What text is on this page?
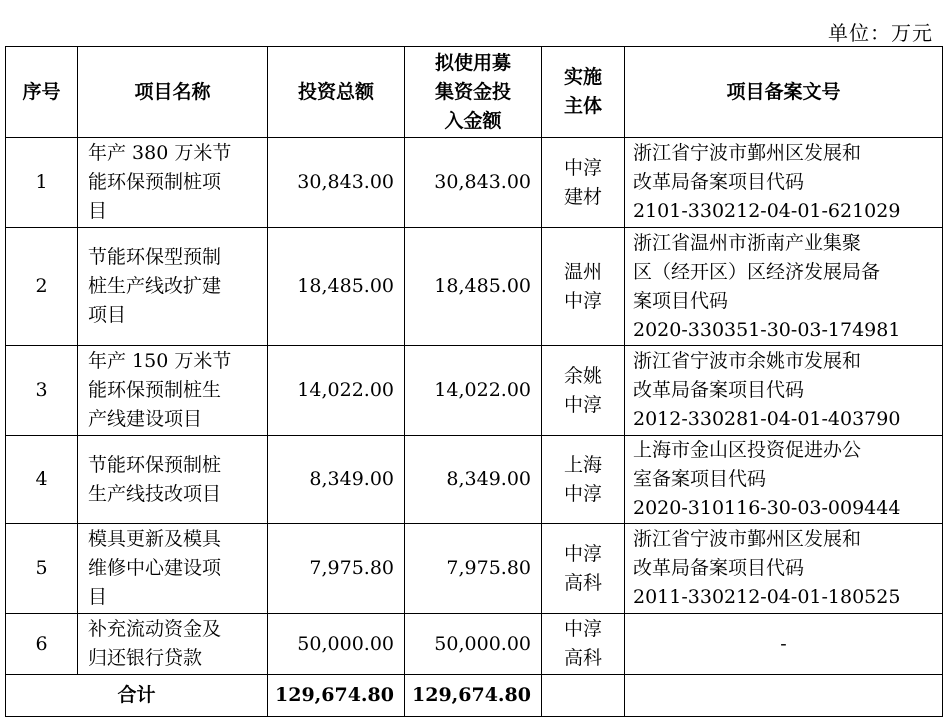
单位：万元
序号	项目名称	投资总额	拟使用募
集资金投
入金额	实施
主体	项目备案文号
1	年产 380 万米节
能环保预制桩项
目	30,843.00	30,843.00	中淳
建材	浙江省宁波市鄞州区发展和
改革局备案项目代码
2101-330212-04-01-621029

2	节能环保型预制
桩生产线改扩建
项目	18,485.00	18,485.00	温州
中淳	浙江省温州市浙南产业集聚
区（经开区）区经济发展局备
案项目代码
2020-330351-30-03-174981

3	年产 150 万米节
能环保预制桩生
产线建设项目	14,022.00	14,022.00	余姚
中淳	浙江省宁波市余姚市发展和
改革局备案项目代码
2012-330281-04-01-403790

4	节能环保预制桩
生产线技改项目	8,349.00	8,349.00	上海
中淳	上海市金山区投资促进办公
室备案项目代码
2020-310116-30-03-009444

5	模具更新及模具
维修中心建设项
目	7,975.80	7,975.80	中淳
高科	浙江省宁波市鄞州区发展和
改革局备案项目代码
2011-330212-04-01-180525

6	补充流动资金及
归还银行贷款	50,000.00	50,000.00	中淳
高科	-
合计		129,674.80	129,674.80		
